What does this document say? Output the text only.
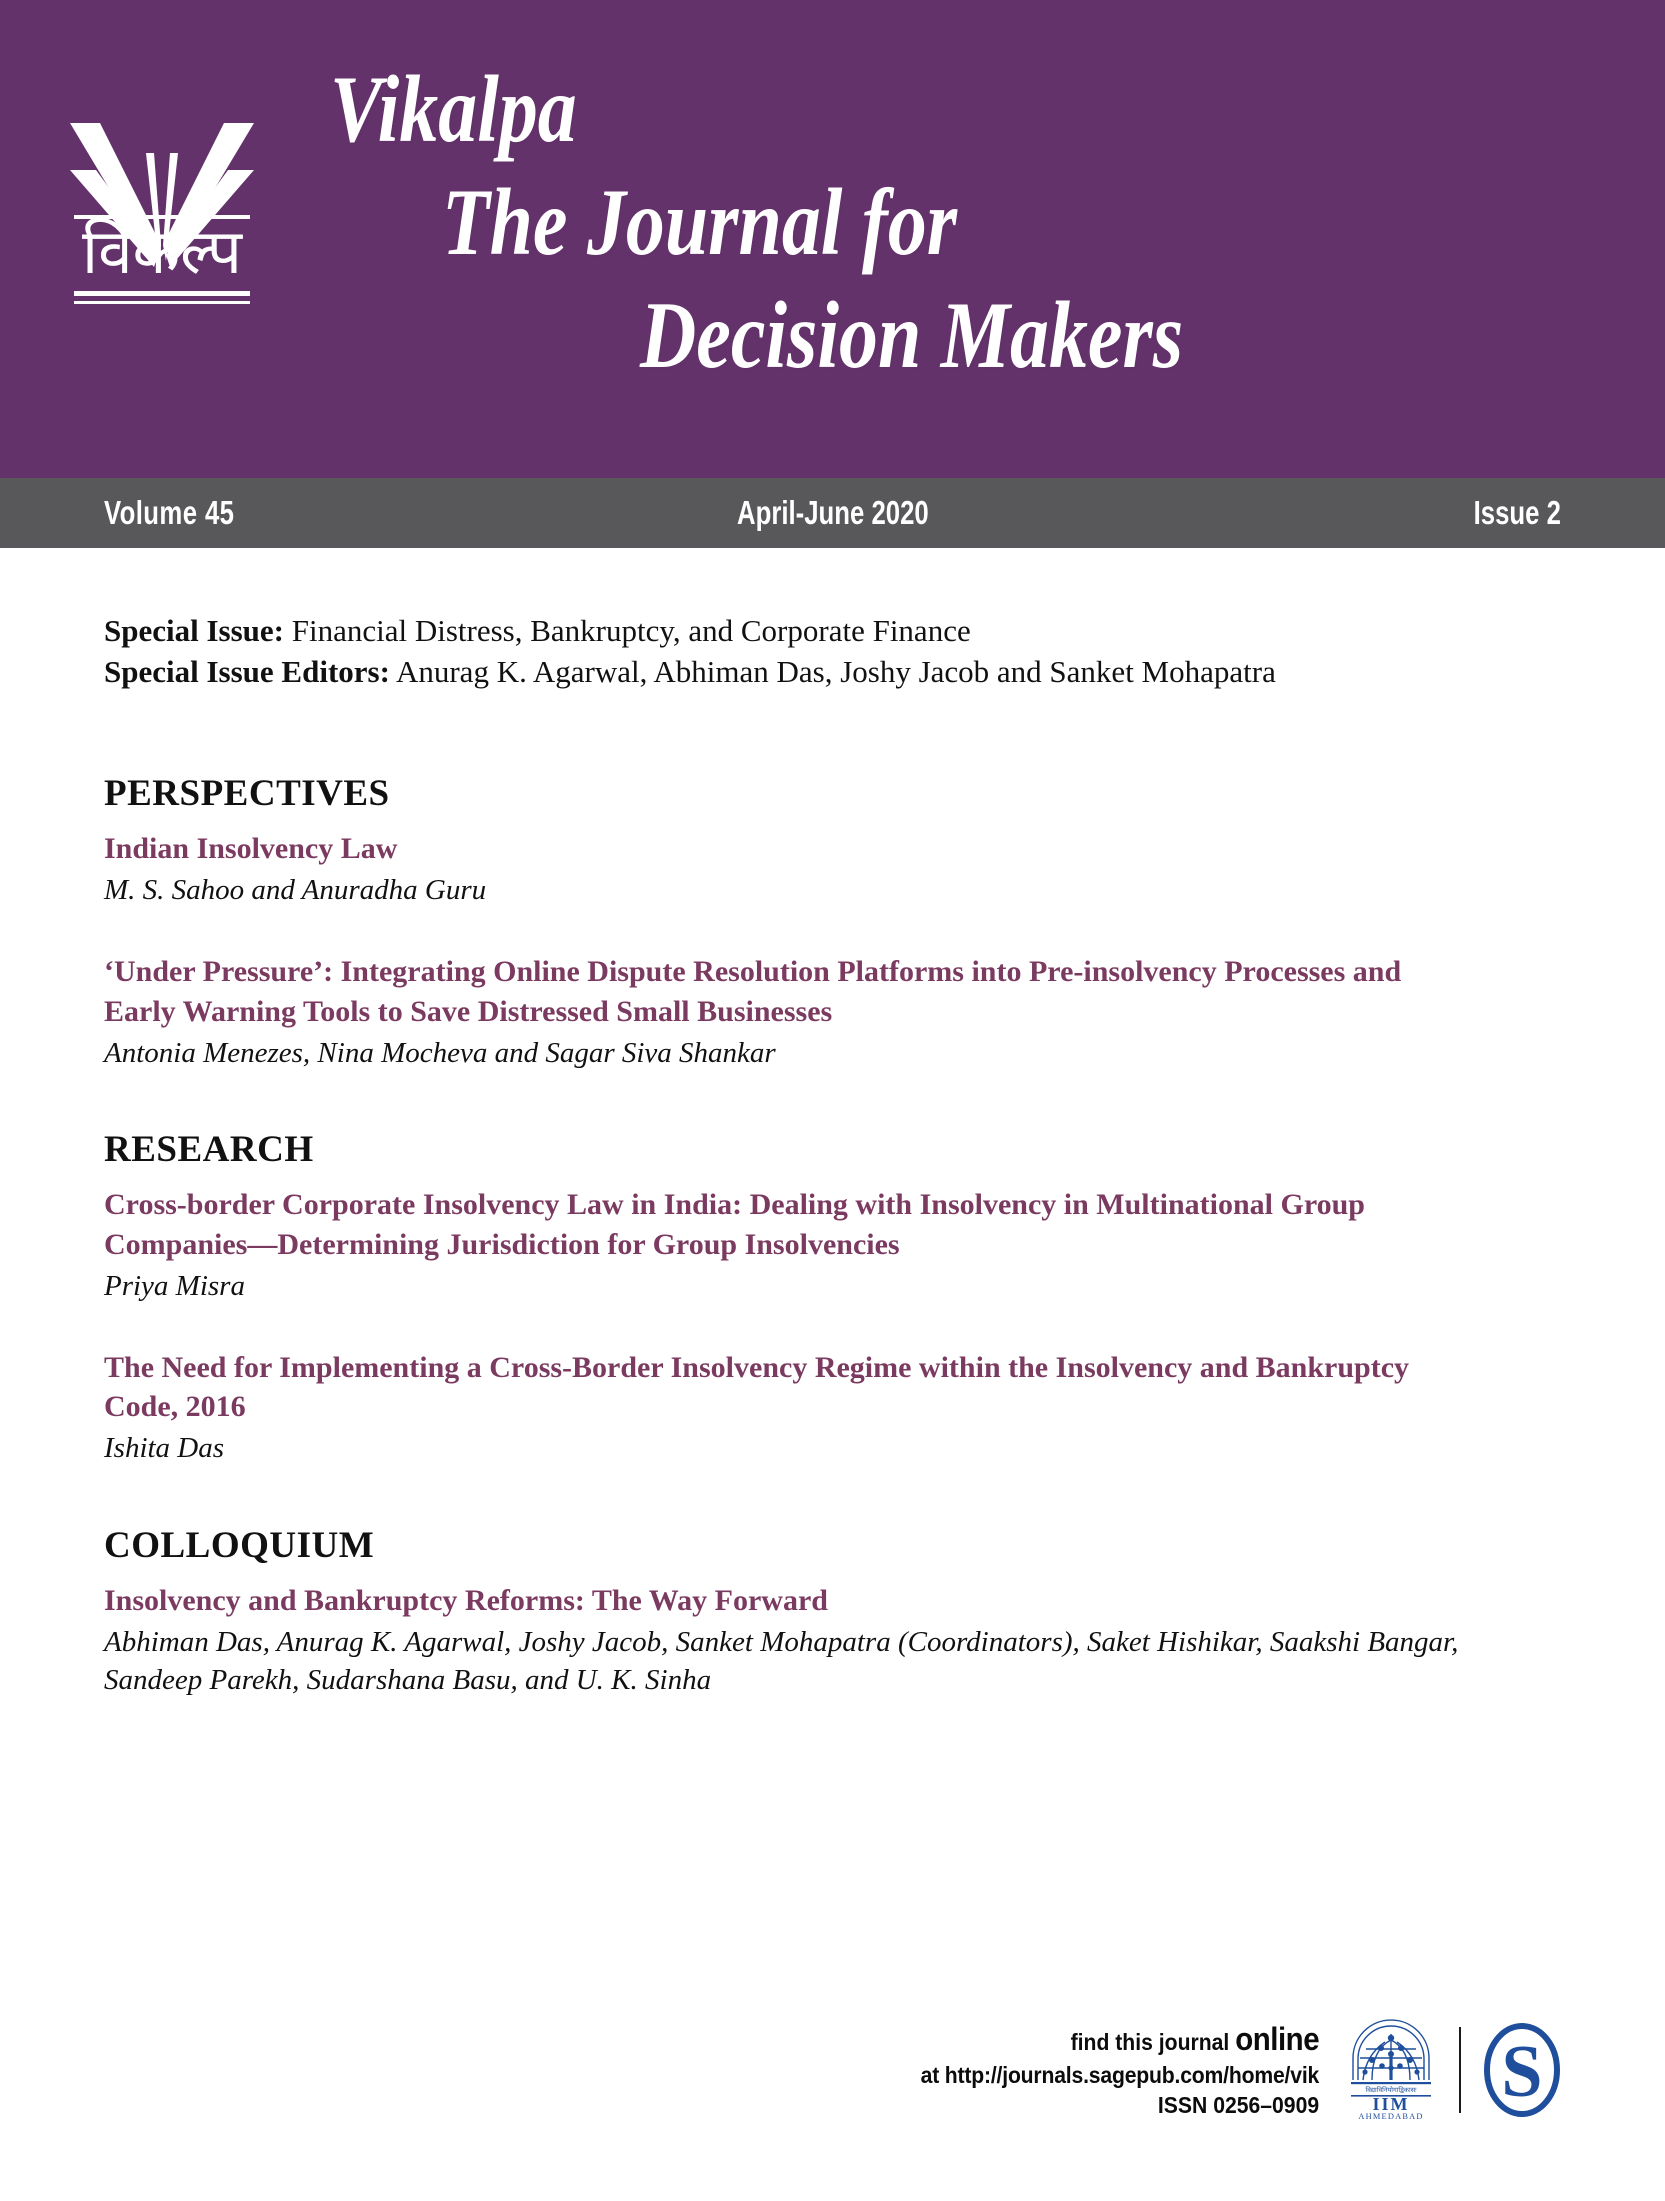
विकल्प
Vikalpa
The Journal for
Decision Makers
Volume 45	April-June 2020	Issue 2
Special Issue: Financial Distress, Bankruptcy, and Corporate Finance
Special Issue Editors: Anurag K. Agarwal, Abhiman Das, Joshy Jacob and Sanket Mohapatra
PERSPECTIVES
Indian Insolvency Law
M. S. Sahoo and Anuradha Guru
‘Under Pressure’: Integrating Online Dispute Resolution Platforms into Pre-insolvency Processes and Early Warning Tools to Save Distressed Small Businesses
Antonia Menezes, Nina Mocheva and Sagar Siva Shankar
RESEARCH
Cross-border Corporate Insolvency Law in India: Dealing with Insolvency in Multinational Group Companies—Determining Jurisdiction for Group Insolvencies
Priya Misra
The Need for Implementing a Cross-Border Insolvency Regime within the Insolvency and Bankruptcy Code, 2016
Ishita Das
COLLOQUIUM
Insolvency and Bankruptcy Reforms: The Way Forward
Abhiman Das, Anurag K. Agarwal, Joshy Jacob, Sanket Mohapatra (Coordinators), Saket Hishikar, Saakshi Bangar, Sandeep Parekh, Sudarshana Basu, and U. K. Sinha
find this journal online
at http://journals.sagepub.com/home/vik
ISSN 0256–0909
विद्याविनियोगाद्विकासः
IIM
AHMEDABAD
S
